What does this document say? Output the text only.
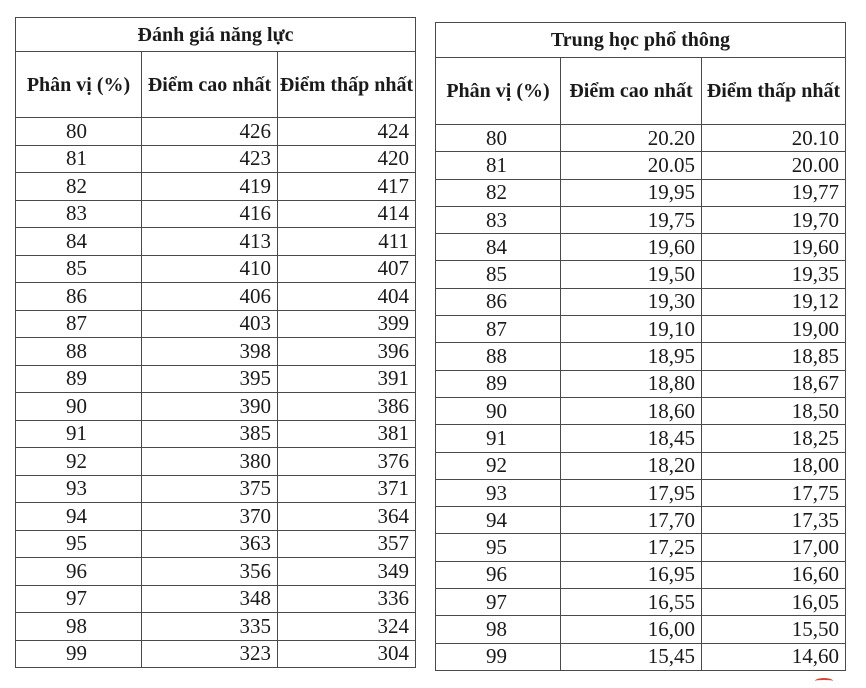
Đánh giá năng lực		
Phân vị (%)	Điểm cao nhất	Điểm thấp nhất
80	426	424
81	423	420
82	419	417
83	416	414
84	413	411
85	410	407
86	406	404
87	403	399
88	398	396
89	395	391
90	390	386
91	385	381
92	380	376
93	375	371
94	370	364
95	363	357
96	356	349
97	348	336
98	335	324
99	323	304
Trung học phổ thông		
Phân vị (%)	Điểm cao nhất	Điểm thấp nhất
80	20.20	20.10
81	20.05	20.00
82	19,95	19,77
83	19,75	19,70
84	19,60	19,60
85	19,50	19,35
86	19,30	19,12
87	19,10	19,00
88	18,95	18,85
89	18,80	18,67
90	18,60	18,50
91	18,45	18,25
92	18,20	18,00
93	17,95	17,75
94	17,70	17,35
95	17,25	17,00
96	16,95	16,60
97	16,55	16,05
98	16,00	15,50
99	15,45	14,60
